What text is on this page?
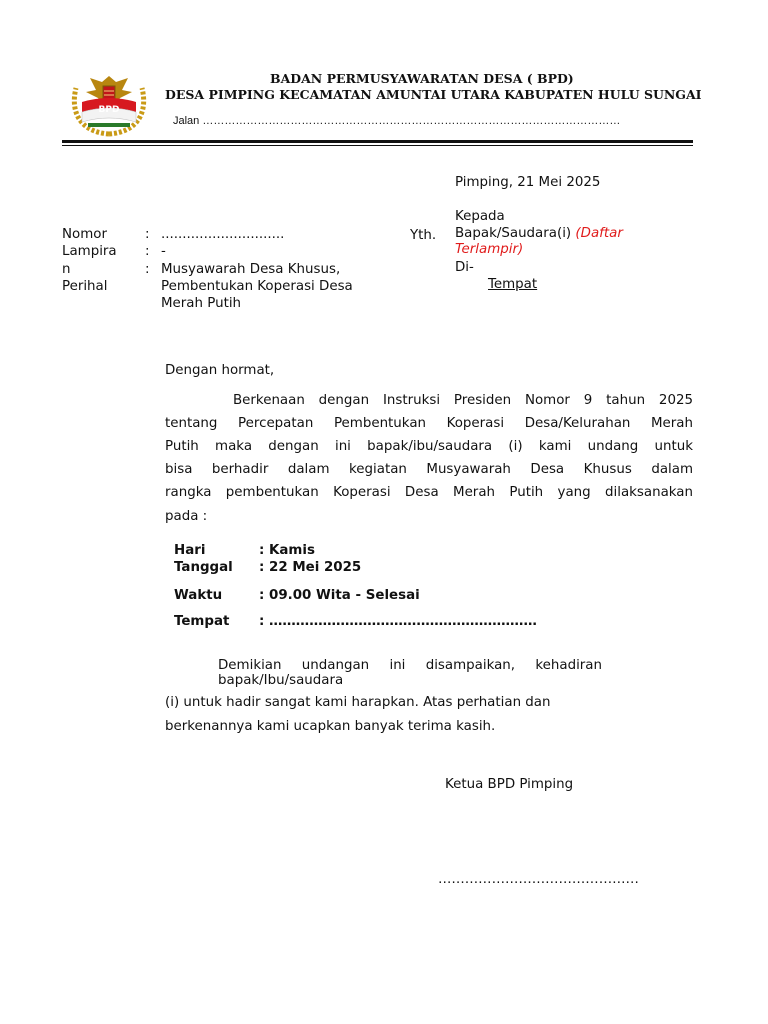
BPD
BADAN PERMUSYAWARATAN DESA ( BPD)
DESA PIMPING KECAMATAN AMUNTAI UTARA KABUPATEN HULU SUNGAI
Jalan ……………………………………………………………………………………………………
Pimping, 21 Mei 2025
Kepada
Bapak/Saudara(i) (Daftar
Terlampir)
Di-
Tempat
Yth.
Nomor
Lampira
n
Perihal
:
:
:
.............................
-
Musyawarah Desa Khusus,
Pembentukan Koperasi Desa
Merah Putih
Dengan hormat,
Berkenaan dengan Instruksi Presiden Nomor 9 tahun 2025
tentang Percepatan Pembentukan Koperasi Desa/Kelurahan Merah
Putih maka dengan ini bapak/ibu/saudara (i) kami undang untuk
bisa berhadir dalam kegiatan Musyawarah Desa Khusus dalam
rangka pembentukan Koperasi Desa Merah Putih yang dilaksanakan
pada :
Hari	: Kamis
Tanggal : 22 Mei 2025
Waktu	: 09.00 Wita - Selesai
Tempat : ……………………………………………………
Demikian undangan ini disampaikan, kehadiran
bapak/Ibu/saudara
(i) untuk hadir sangat kami harapkan. Atas perhatian dan
berkenannya kami ucapkan banyak terima kasih.
Ketua BPD Pimping
………………………………………
